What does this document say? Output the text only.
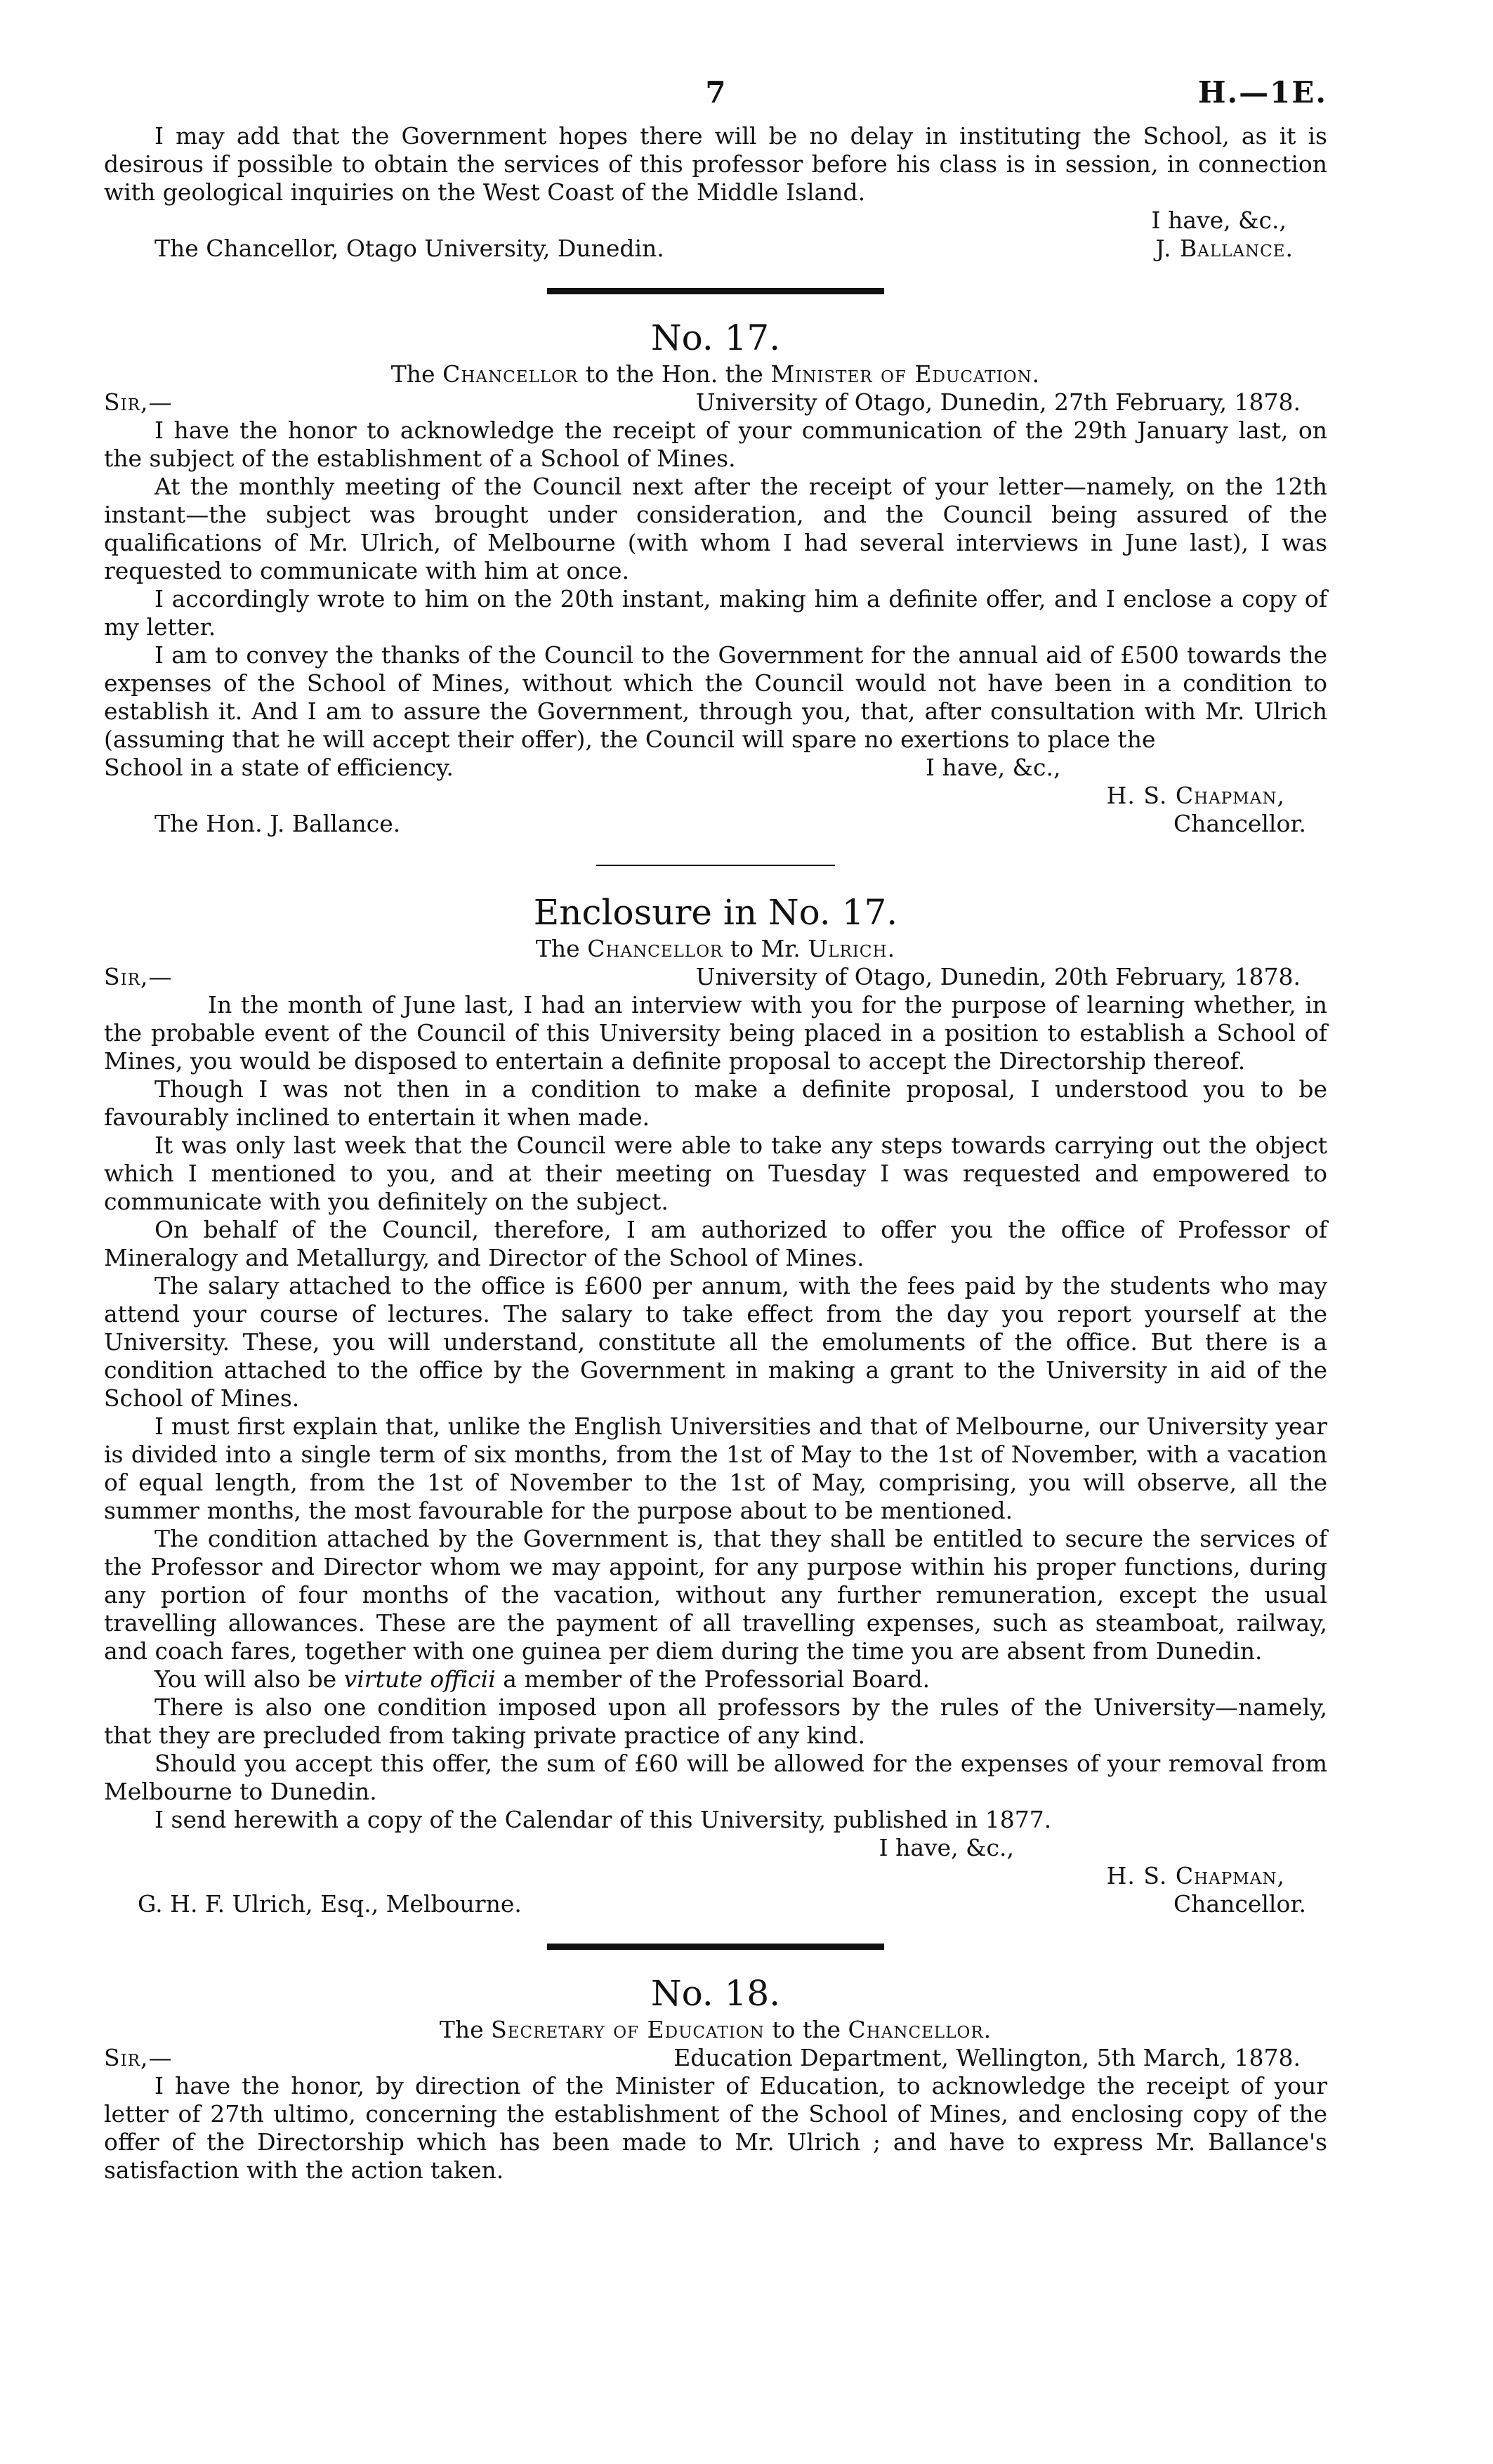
7	H.—1E.

I may add that the Government hopes there will be no delay in instituting the School, as it is desirous if possible to obtain the services of this professor before his class is in session, in connection with geological inquiries on the West Coast of the Middle Island.

I have, &c.,
The Chancellor, Otago University, Dunedin.	J. Ballance.
No. 17.
The Chancellor to the Hon. the Minister of Education.
Sir,—	University of Otago, Dunedin, 27th February, 1878.

I have the honor to acknowledge the receipt of your communication of the 29th January last, on the subject of the establishment of a School of Mines.

At the monthly meeting of the Council next after the receipt of your letter—namely, on the 12th instant—the subject was brought under consideration, and the Council being assured of the qualifications of Mr. Ulrich, of Melbourne (with whom I had several interviews in June last), I was requested to communicate with him at once.

I accordingly wrote to him on the 20th instant, making him a definite offer, and I enclose a copy of my letter.

I am to convey the thanks of the Council to the Government for the annual aid of £500 towards the expenses of the School of Mines, without which the Council would not have been in a condition to establish it. And I am to assure the Government, through you, that, after consultation with Mr. Ulrich (assuming that he will accept their offer), the Council will spare no exertions to place the

School in a state of efficiency.	I have, &c.,
H. S. Chapman,
The Hon. J. Ballance.	Chancellor.
Enclosure in No. 17.
The Chancellor to Mr. Ulrich.
Sir,—	University of Otago, Dunedin, 20th February, 1878.

In the month of June last, I had an interview with you for the purpose of learning whether, in the probable event of the Council of this University being placed in a position to establish a School of Mines, you would be disposed to entertain a definite proposal to accept the Directorship thereof.

Though I was not then in a condition to make a definite proposal, I understood you to be favourably inclined to entertain it when made.

It was only last week that the Council were able to take any steps towards carrying out the object which I mentioned to you, and at their meeting on Tuesday I was requested and empowered to communicate with you definitely on the subject.

On behalf of the Council, therefore, I am authorized to offer you the office of Professor of Mineralogy and Metallurgy, and Director of the School of Mines.

The salary attached to the office is £600 per annum, with the fees paid by the students who may attend your course of lectures. The salary to take effect from the day you report yourself at the University. These, you will understand, constitute all the emoluments of the office. But there is a condition attached to the office by the Government in making a grant to the University in aid of the School of Mines.

I must first explain that, unlike the English Universities and that of Melbourne, our University year is divided into a single term of six months, from the 1st of May to the 1st of November, with a vacation of equal length, from the 1st of November to the 1st of May, comprising, you will observe, all the summer months, the most favourable for the purpose about to be mentioned.

The condition attached by the Government is, that they shall be entitled to secure the services of the Professor and Director whom we may appoint, for any purpose within his proper functions, during any portion of four months of the vacation, without any further remuneration, except the usual travelling allowances. These are the payment of all travelling expenses, such as steamboat, railway, and coach fares, together with one guinea per diem during the time you are absent from Dunedin.

You will also be virtute officii a member of the Professorial Board.

There is also one condition imposed upon all professors by the rules of the University—namely, that they are precluded from taking private practice of any kind.

Should you accept this offer, the sum of £60 will be allowed for the expenses of your removal from Melbourne to Dunedin.

I send herewith a copy of the Calendar of this University, published in 1877.

I have, &c.,
H. S. Chapman,
G. H. F. Ulrich, Esq., Melbourne.	Chancellor.
No. 18.
The Secretary of Education to the Chancellor.
Sir,—	Education Department, Wellington, 5th March, 1878.

I have the honor, by direction of the Minister of Education, to acknowledge the receipt of your letter of 27th ultimo, concerning the establishment of the School of Mines, and enclosing copy of the offer of the Directorship which has been made to Mr. Ulrich ; and have to express Mr. Ballance's satisfaction with the action taken.
